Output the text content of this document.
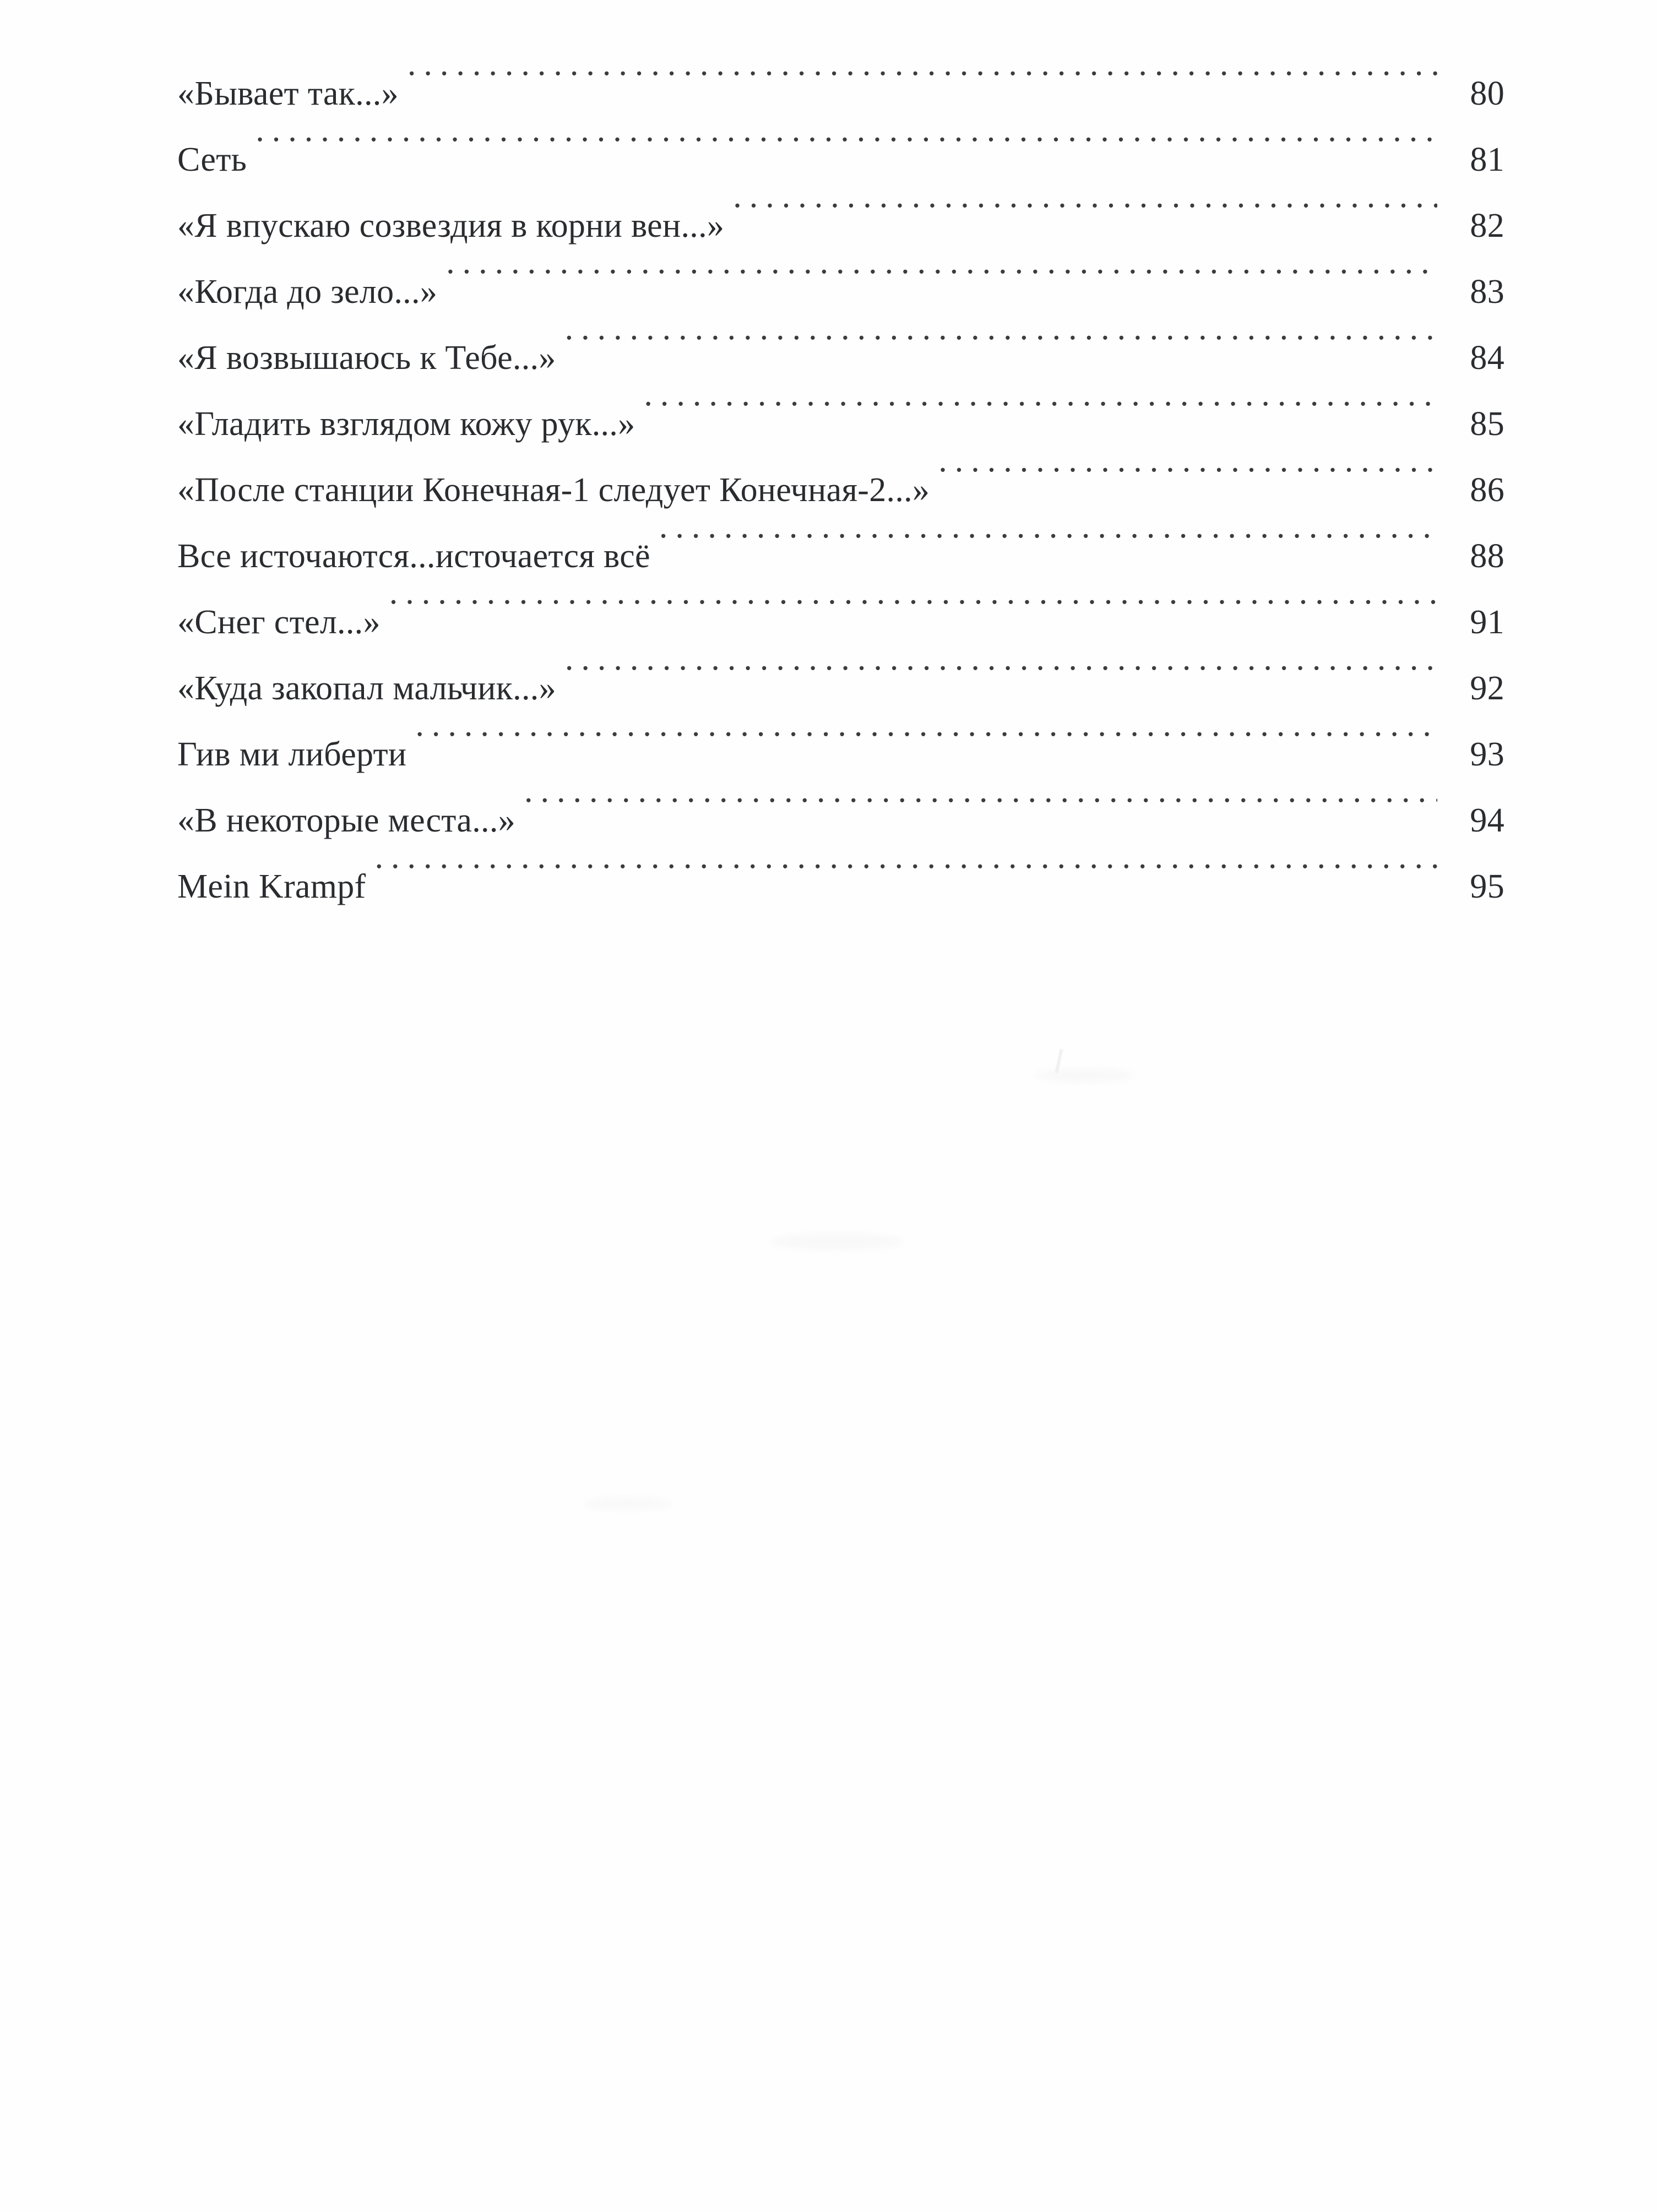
«Бывает так...» .....	80
Сеть .....	81
«Я впускаю созвездия в корни вен...» .....	82
«Когда до зело...» .....	83
«Я возвышаюсь к Тебе...» .....	84
«Гладить взглядом кожу рук...» .....	85
«После станции Конечная-1 следует Конечная-2...» .....	86
Все источаются...источается всё .....	88
«Снег стел...» .....	91
«Куда закопал мальчик...» .....	92
Гив ми либерти .....	93
«В некоторые места...» .....	94
Mein Krampf .....	95
